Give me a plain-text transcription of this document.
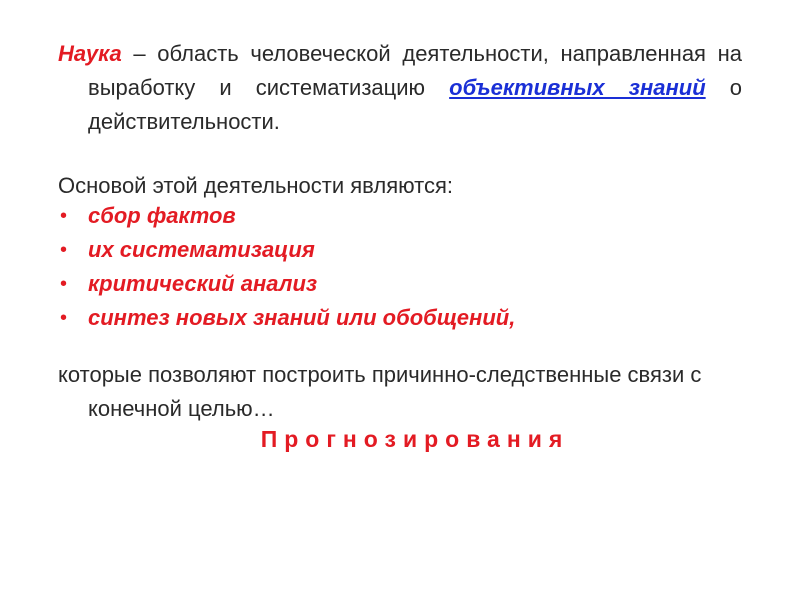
Наука – область человеческой деятельности, направленная на выработку и систематизацию объективных знаний о действительности.

Основой этой деятельности являются:

• сбор фактов
• их систематизация
• критический анализ
• синтез новых знаний или обобщений,

которые позволяют построить причинно-следственные связи с конечной целью…

Прогнозирования
